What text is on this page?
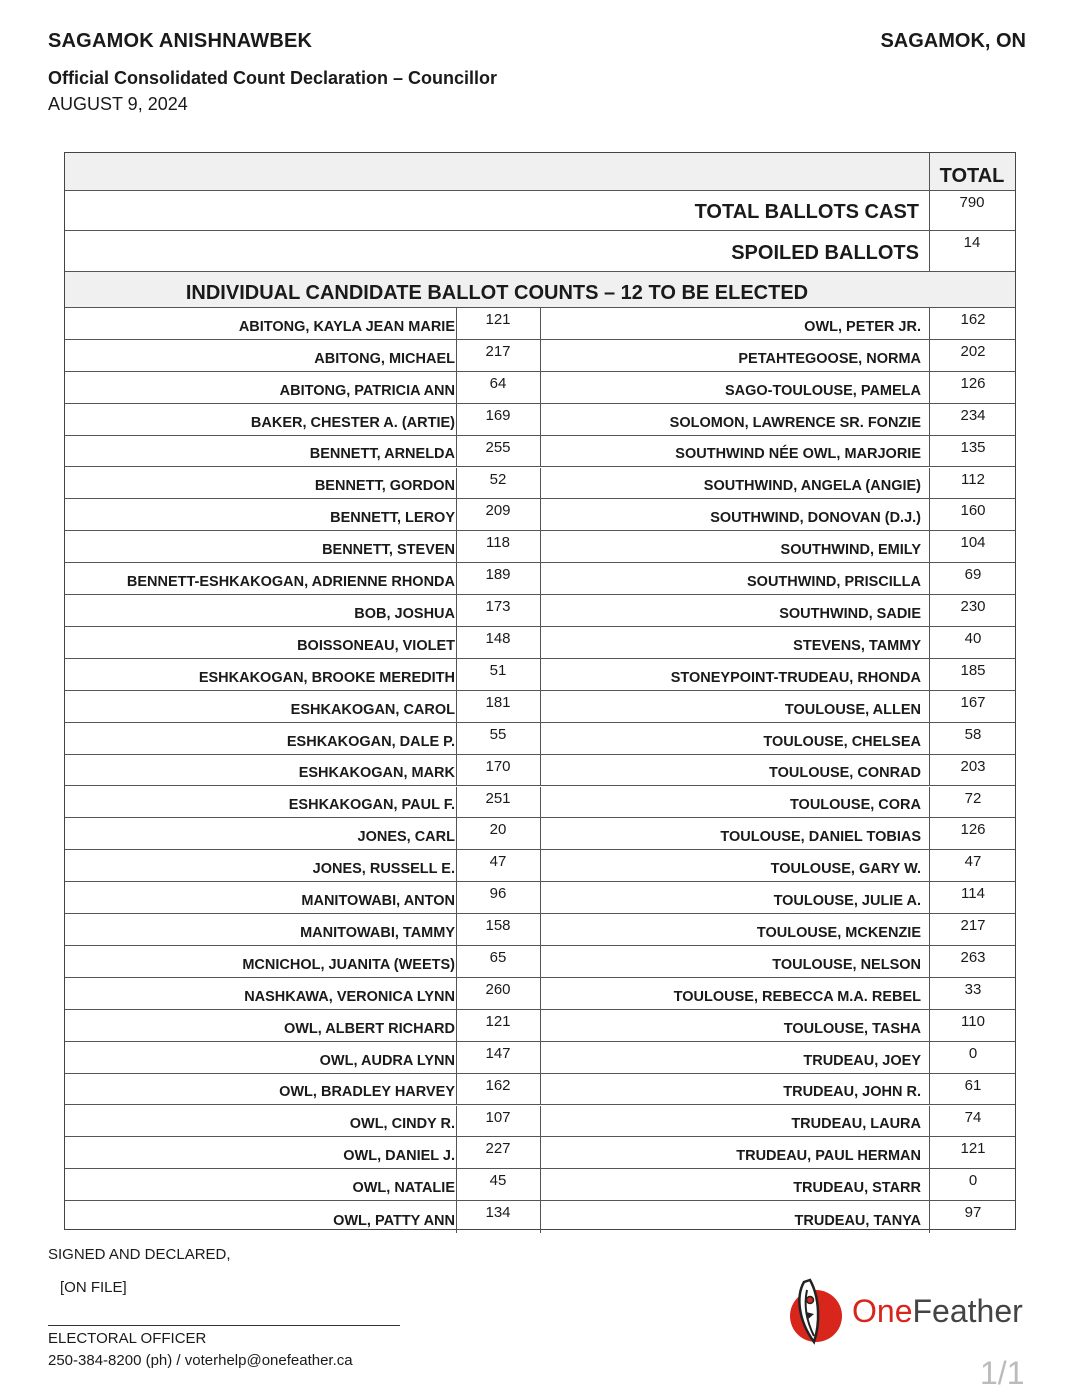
SAGAMOK ANISHNAWBEK	SAGAMOK, ON
Official Consolidated Count Declaration – Councillor
AUGUST 9, 2024
TOTAL
TOTAL BALLOTS CAST	790
SPOILED BALLOTS	14
INDIVIDUAL CANDIDATE BALLOT COUNTS – 12 TO BE ELECTED
ABITONG, KAYLA JEAN MARIE	121	OWL, PETER JR.	162
ABITONG, MICHAEL	217	PETAHTEGOOSE, NORMA	202
ABITONG, PATRICIA ANN	64	SAGO-TOULOUSE, PAMELA	126
BAKER, CHESTER A. (ARTIE)	169	SOLOMON, LAWRENCE SR. FONZIE	234
BENNETT, ARNELDA	255	SOUTHWIND NÉE OWL, MARJORIE	135
BENNETT, GORDON	52	SOUTHWIND, ANGELA (ANGIE)	112
BENNETT, LEROY	209	SOUTHWIND, DONOVAN (D.J.)	160
BENNETT, STEVEN	118	SOUTHWIND, EMILY	104
BENNETT-ESHKAKOGAN, ADRIENNE RHONDA	189	SOUTHWIND, PRISCILLA	69
BOB, JOSHUA	173	SOUTHWIND, SADIE	230
BOISSONEAU, VIOLET	148	STEVENS, TAMMY	40
ESHKAKOGAN, BROOKE MEREDITH	51	STONEYPOINT-TRUDEAU, RHONDA	185
ESHKAKOGAN, CAROL	181	TOULOUSE, ALLEN	167
ESHKAKOGAN, DALE P.	55	TOULOUSE, CHELSEA	58
ESHKAKOGAN, MARK	170	TOULOUSE, CONRAD	203
ESHKAKOGAN, PAUL F.	251	TOULOUSE, CORA	72
JONES, CARL	20	TOULOUSE, DANIEL TOBIAS	126
JONES, RUSSELL E.	47	TOULOUSE, GARY W.	47
MANITOWABI, ANTON	96	TOULOUSE, JULIE A.	114
MANITOWABI, TAMMY	158	TOULOUSE, MCKENZIE	217
MCNICHOL, JUANITA (WEETS)	65	TOULOUSE, NELSON	263
NASHKAWA, VERONICA LYNN	260	TOULOUSE, REBECCA M.A. REBEL	33
OWL, ALBERT RICHARD	121	TOULOUSE, TASHA	110
OWL, AUDRA LYNN	147	TRUDEAU, JOEY	0
OWL, BRADLEY HARVEY	162	TRUDEAU, JOHN R.	61
OWL, CINDY R.	107	TRUDEAU, LAURA	74
OWL, DANIEL J.	227	TRUDEAU, PAUL HERMAN	121
OWL, NATALIE	45	TRUDEAU, STARR	0
OWL, PATTY ANN	134	TRUDEAU, TANYA	97
SIGNED AND DECLARED,
[ON FILE]
ELECTORAL OFFICER
250-384-8200 (ph) / voterhelp@onefeather.ca
OneFeather
1/1
